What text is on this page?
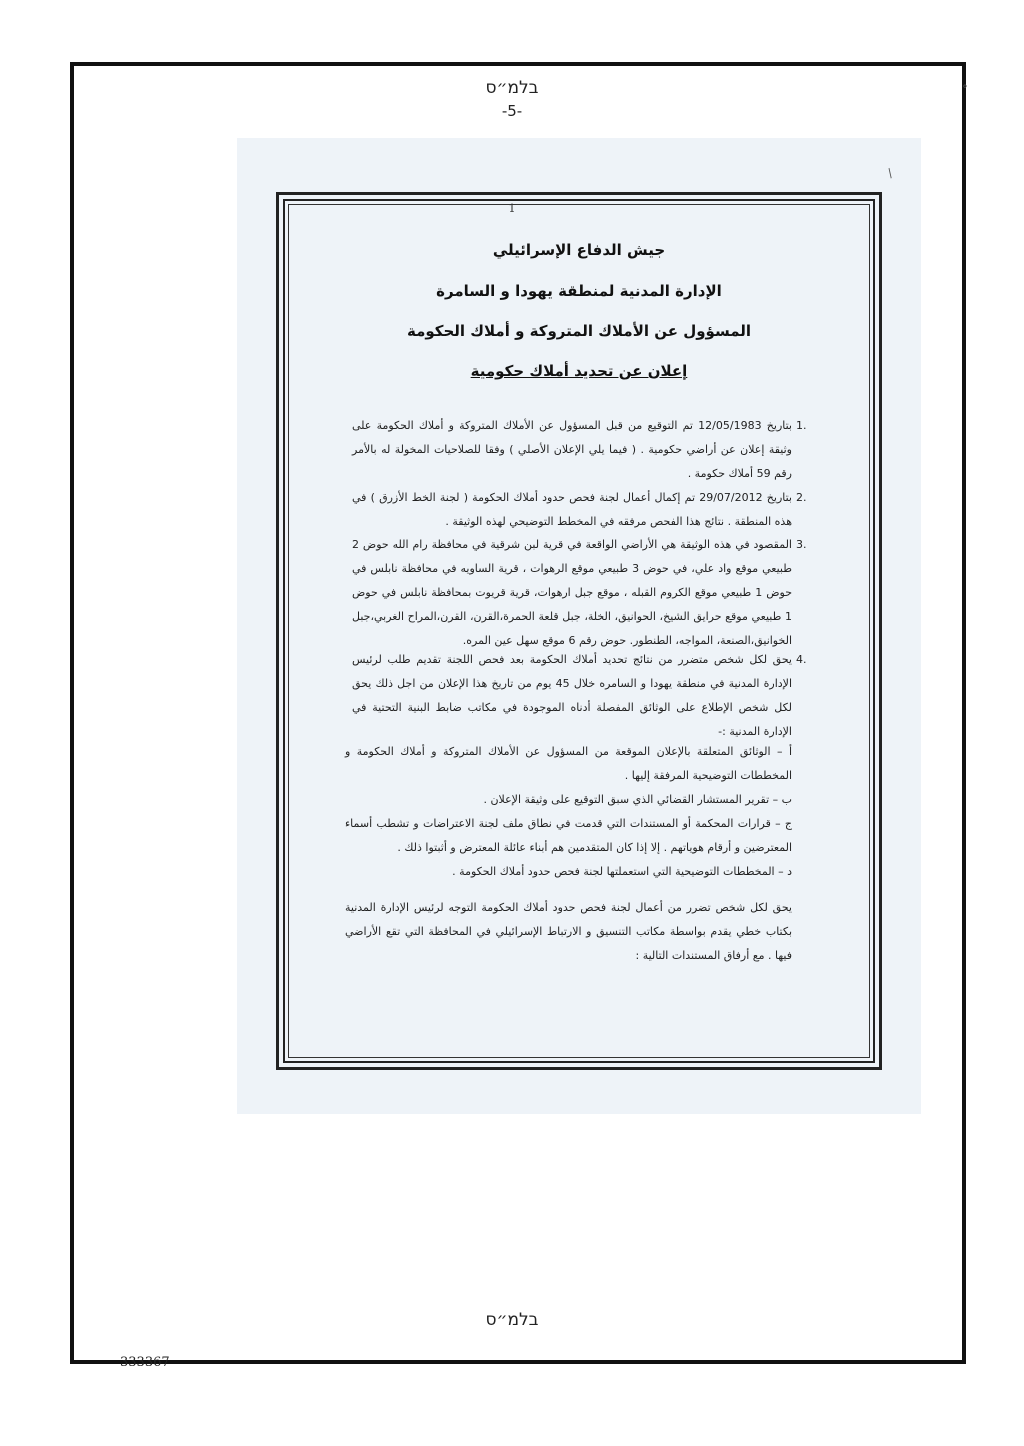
בלמ״ס
-5-
/
1
جيش الدفاع الإسرائيلي
الإدارة المدنية لمنطقة يهودا و السامرة
المسؤول عن الأملاك المتروكة و أملاك الحكومة
إعلان عن تحديد أملاك حكومية
1.
بتاريخ 12/05/1983 تم التوقيع من قبل المسؤول عن الأملاك المتروكة و أملاك الحكومة على وثيقة إعلان عن أراضي حكومية . ( فيما يلي الإعلان الأصلي ) وفقا للصلاحيات المخولة له بالأمر رقم 59 أملاك حكومة .
2.
بتاريخ 29/07/2012 تم إكمال أعمال لجنة فحص حدود أملاك الحكومة ( لجنة الخط الأزرق ) في هذه المنطقة . نتائج هذا الفحص مرفقه في المخطط التوضيحي لهذه الوثيقة .
3.
المقصود في هذه الوثيقة هي الأراضي الواقعة في قرية لبن شرقية في محافظة رام الله حوض 2 طبيعي موقع واد علي، في حوض 3 طبيعي موقع الرهوات ، قرية الساويه في محافظة نابلس في حوض 1 طبيعي موقع الكروم القبله ، موقع جبل ارهوات، قرية قريوت بمحافظة نابلس في حوض 1 طبيعي موقع حرايق الشيخ، الحوانيق، الخلة، جبل قلعة الحمرة،القرن، القرن،المراح الغربي،جبل الخوانيق،الصنعة، المواجه، الطنطور. حوض رقم 6 موقع سهل عين المره.
4.
يحق لكل شخص متضرر من نتائج تحديد أملاك الحكومة بعد فحص اللجنة تقديم طلب لرئيس الإدارة المدنية في منطقة يهودا و السامره خلال 45 يوم من تاريخ هذا الإعلان من اجل ذلك يحق لكل شخص الإطلاع على الوثائق المفصلة أدناه الموجودة في مكاتب ضابط البنية التحتية في الإدارة المدنية :-
أ – الوثائق المتعلقة بالإعلان الموقعة من المسؤول عن الأملاك المتروكة و أملاك الحكومة و المخططات التوضيحية المرفقة إليها .
ب – تقرير المستشار القضائي الذي سبق التوقيع على وثيقة الإعلان .
ج – قرارات المحكمة أو المستندات التي قدمت في نطاق ملف لجنة الاعتراضات و تشطب أسماء المعترضين و أرقام هوياتهم . إلا إذا كان المتقدمين هم أبناء عائلة المعترض و أثبتوا ذلك .
د – المخططات التوضيحية التي استعملتها لجنة فحص حدود أملاك الحكومة .
يحق لكل شخص تضرر من أعمال لجنة فحص حدود أملاك الحكومة التوجه لرئيس الإدارة المدنية بكتاب خطي يقدم بواسطة مكاتب التنسيق و الارتباط الإسرائيلي في المحافظة التي تقع الأراضي فيها . مع أرفاق المستندات التالية :
בלמ״ס
333367
